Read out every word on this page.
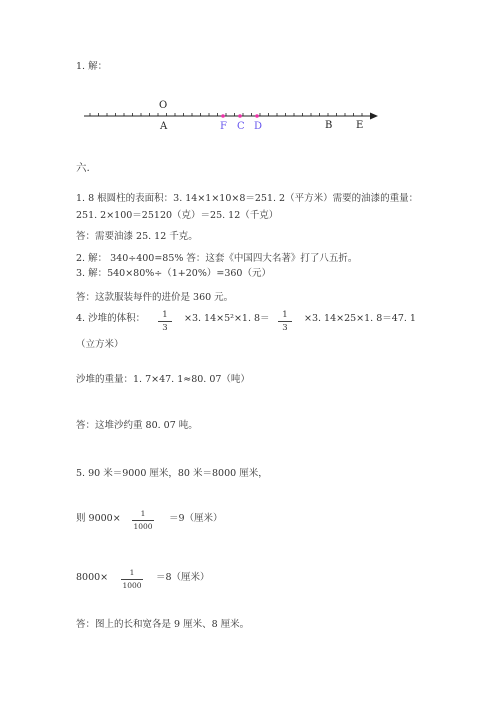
1. 解：
O
A	F C D	B E
六.
1. 8 根圆柱的表面积：3. 14×1×10×8＝251. 2（平方米）需要的油漆的重量：
251. 2×100＝25120（克）＝25. 12（千克）
答：需要油漆 25. 12 千克。
2. 解： 340÷400=85% 答：这套《中国四大名著》打了八五折。
3. 解：540×80%÷（1+20%）=360（元）
答：这款服装每件的进价是 360 元。
4. 沙堆的体积：	1
3
×3. 14×5²×1. 8＝	1
3
×3. 14×25×1. 8＝47. 1
（立方米）
沙堆的重量：1. 7×47. 1≈80. 07（吨）
答：这堆沙约重 80. 07 吨。
5. 90 米＝9000 厘米，80 米＝8000 厘米，
则 9000×	1
1000
＝9（厘米）
8000×	1
1000
＝8（厘米）
答：图上的长和宽各是 9 厘米、8 厘米。
